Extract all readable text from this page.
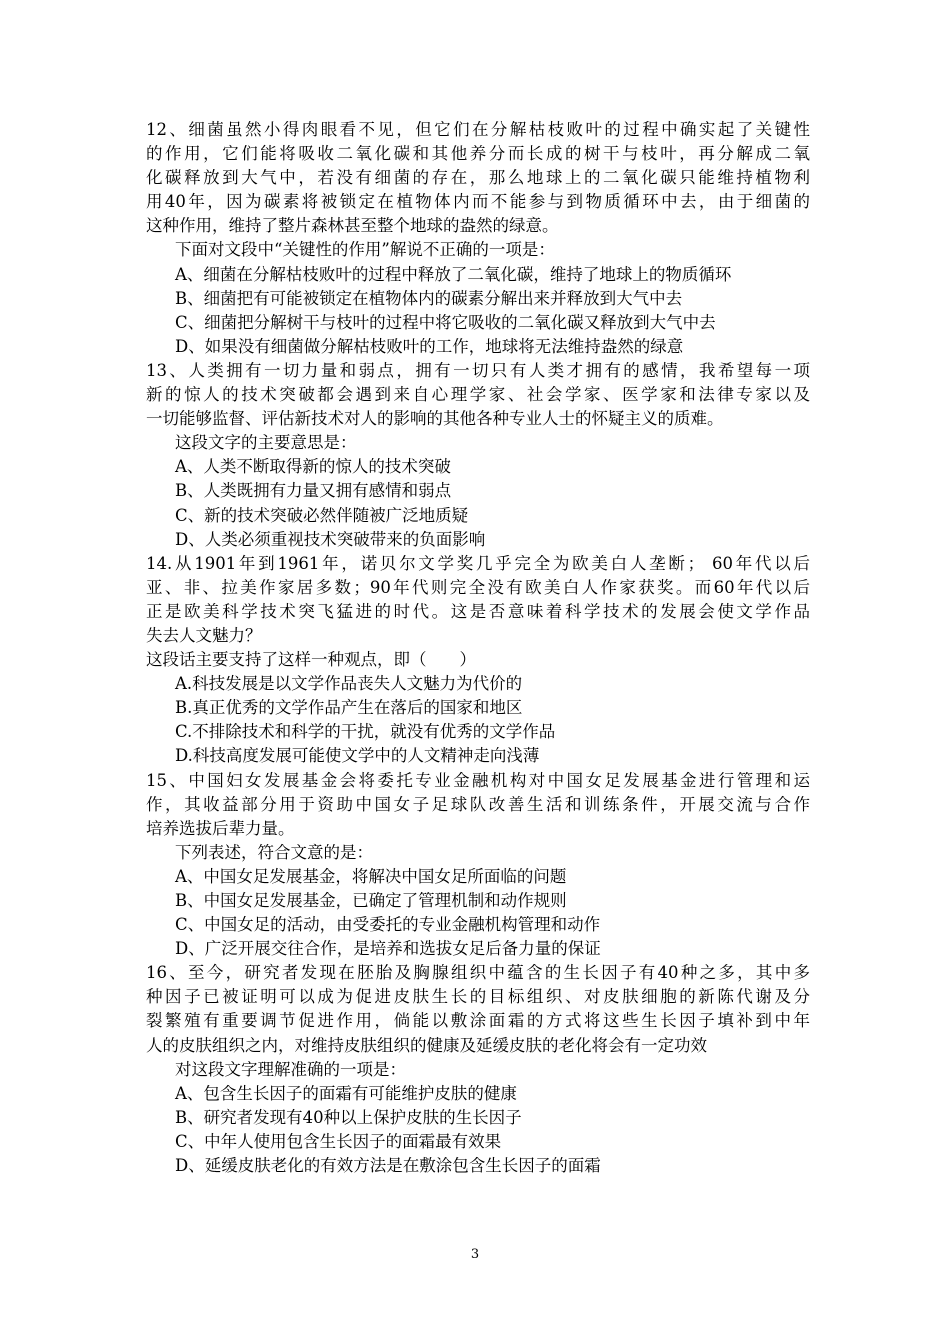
12、细菌虽然小得肉眼看不见，但它们在分解枯枝败叶的过程中确实起了关键性
的作用，它们能将吸收二氧化碳和其他养分而长成的树干与枝叶，再分解成二氧
化碳释放到大气中，若没有细菌的存在，那么地球上的二氧化碳只能维持植物利
用40年，因为碳素将被锁定在植物体内而不能参与到物质循环中去，由于细菌的
这种作用，维持了整片森林甚至整个地球的盎然的绿意。
下面对文段中“关键性的作用”解说不正确的一项是：
A、细菌在分解枯枝败叶的过程中释放了二氧化碳，维持了地球上的物质循环
B、细菌把有可能被锁定在植物体内的碳素分解出来并释放到大气中去
C、细菌把分解树干与枝叶的过程中将它吸收的二氧化碳又释放到大气中去
D、如果没有细菌做分解枯枝败叶的工作，地球将无法维持盎然的绿意
13、人类拥有一切力量和弱点，拥有一切只有人类才拥有的感情，我希望每一项
新的惊人的技术突破都会遇到来自心理学家、社会学家、医学家和法律专家以及
一切能够监督、评估新技术对人的影响的其他各种专业人士的怀疑主义的质难。
这段文字的主要意思是：
A、人类不断取得新的惊人的技术突破
B、人类既拥有力量又拥有感情和弱点
C、新的技术突破必然伴随被广泛地质疑
D、人类必须重视技术突破带来的负面影响
14.从1901年到1961年，诺贝尔文学奖几乎完全为欧美白人垄断； 60年代以后
亚、非、拉美作家居多数；90年代则完全没有欧美白人作家获奖。而60年代以后
正是欧美科学技术突飞猛进的时代。这是否意味着科学技术的发展会使文学作品
失去人文魅力？
这段话主要支持了这样一种观点，即（　　）
A.科技发展是以文学作品丧失人文魅力为代价的
B.真正优秀的文学作品产生在落后的国家和地区
C.不排除技术和科学的干扰，就没有优秀的文学作品
D.科技高度发展可能使文学中的人文精神走向浅薄
15、中国妇女发展基金会将委托专业金融机构对中国女足发展基金进行管理和运
作，其收益部分用于资助中国女子足球队改善生活和训练条件，开展交流与合作
培养选拔后辈力量。
下列表述，符合文意的是：
A、中国女足发展基金，将解决中国女足所面临的问题
B、中国女足发展基金，已确定了管理机制和动作规则
C、中国女足的活动，由受委托的专业金融机构管理和动作
D、广泛开展交往合作，是培养和选拔女足后备力量的保证
16、至今，研究者发现在胚胎及胸腺组织中蕴含的生长因子有40种之多，其中多
种因子已被证明可以成为促进皮肤生长的目标组织、对皮肤细胞的新陈代谢及分
裂繁殖有重要调节促进作用，倘能以敷涂面霜的方式将这些生长因子填补到中年
人的皮肤组织之内，对维持皮肤组织的健康及延缓皮肤的老化将会有一定功效
对这段文字理解准确的一项是：
A、包含生长因子的面霜有可能维护皮肤的健康
B、研究者发现有40种以上保护皮肤的生长因子
C、中年人使用包含生长因子的面霜最有效果
D、延缓皮肤老化的有效方法是在敷涂包含生长因子的面霜
3
